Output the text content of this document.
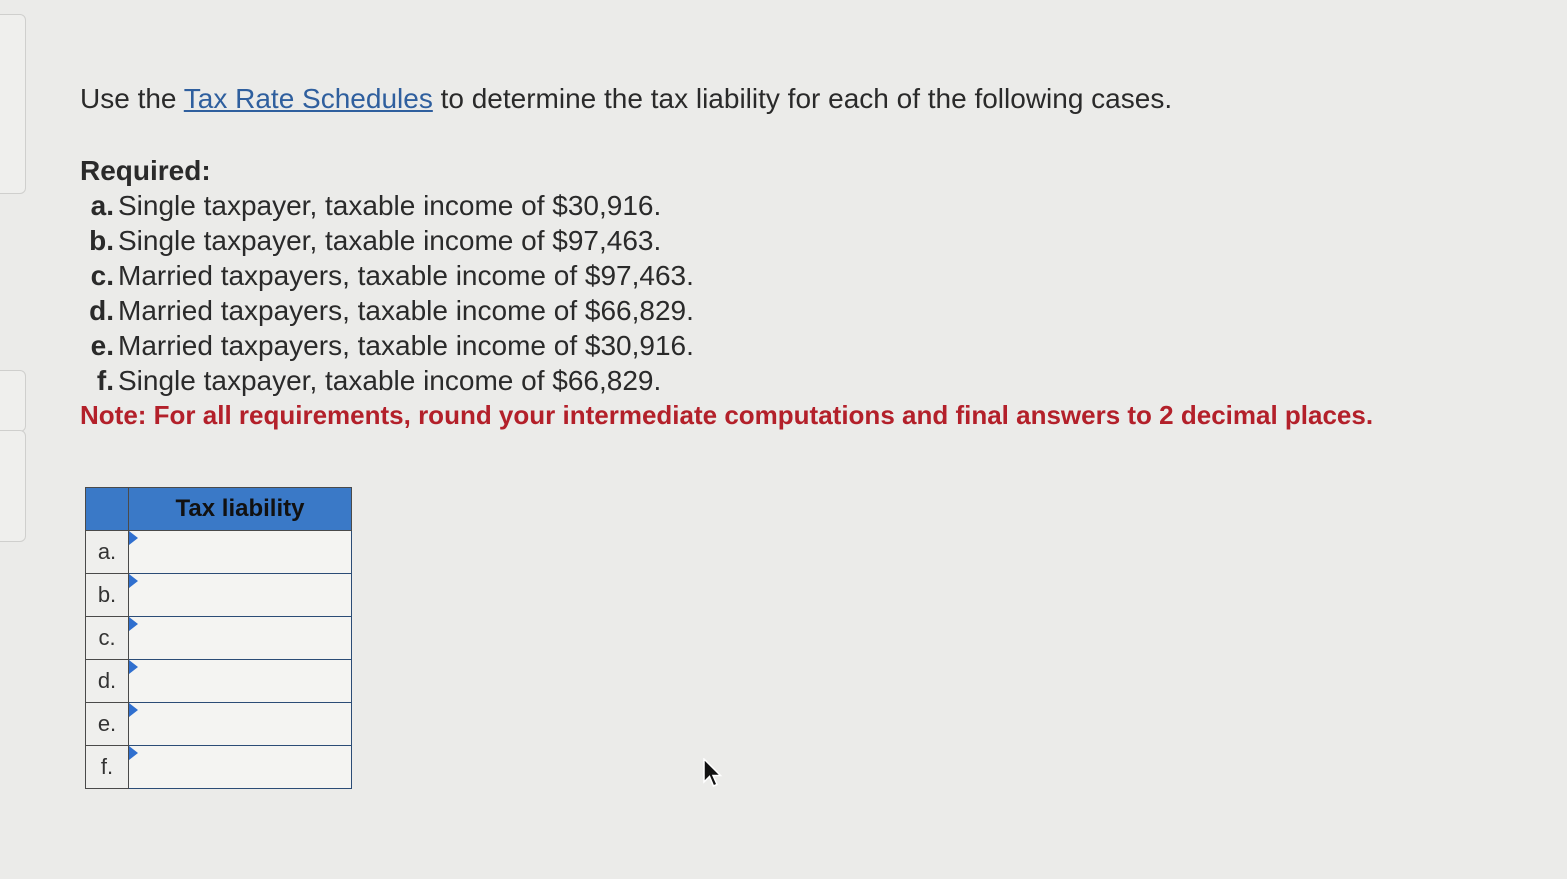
Use the Tax Rate Schedules to determine the tax liability for each of the following cases.

Required:
a. Single taxpayer, taxable income of $30,916.
b. Single taxpayer, taxable income of $97,463.
c. Married taxpayers, taxable income of $97,463.
d. Married taxpayers, taxable income of $66,829.
e. Married taxpayers, taxable income of $30,916.
f. Single taxpayer, taxable income of $66,829.

Note: For all requirements, round your intermediate computations and final answers to 2 decimal places.

	Tax liability
a.	

b.	

c.	

d.	

e.	

f.	
